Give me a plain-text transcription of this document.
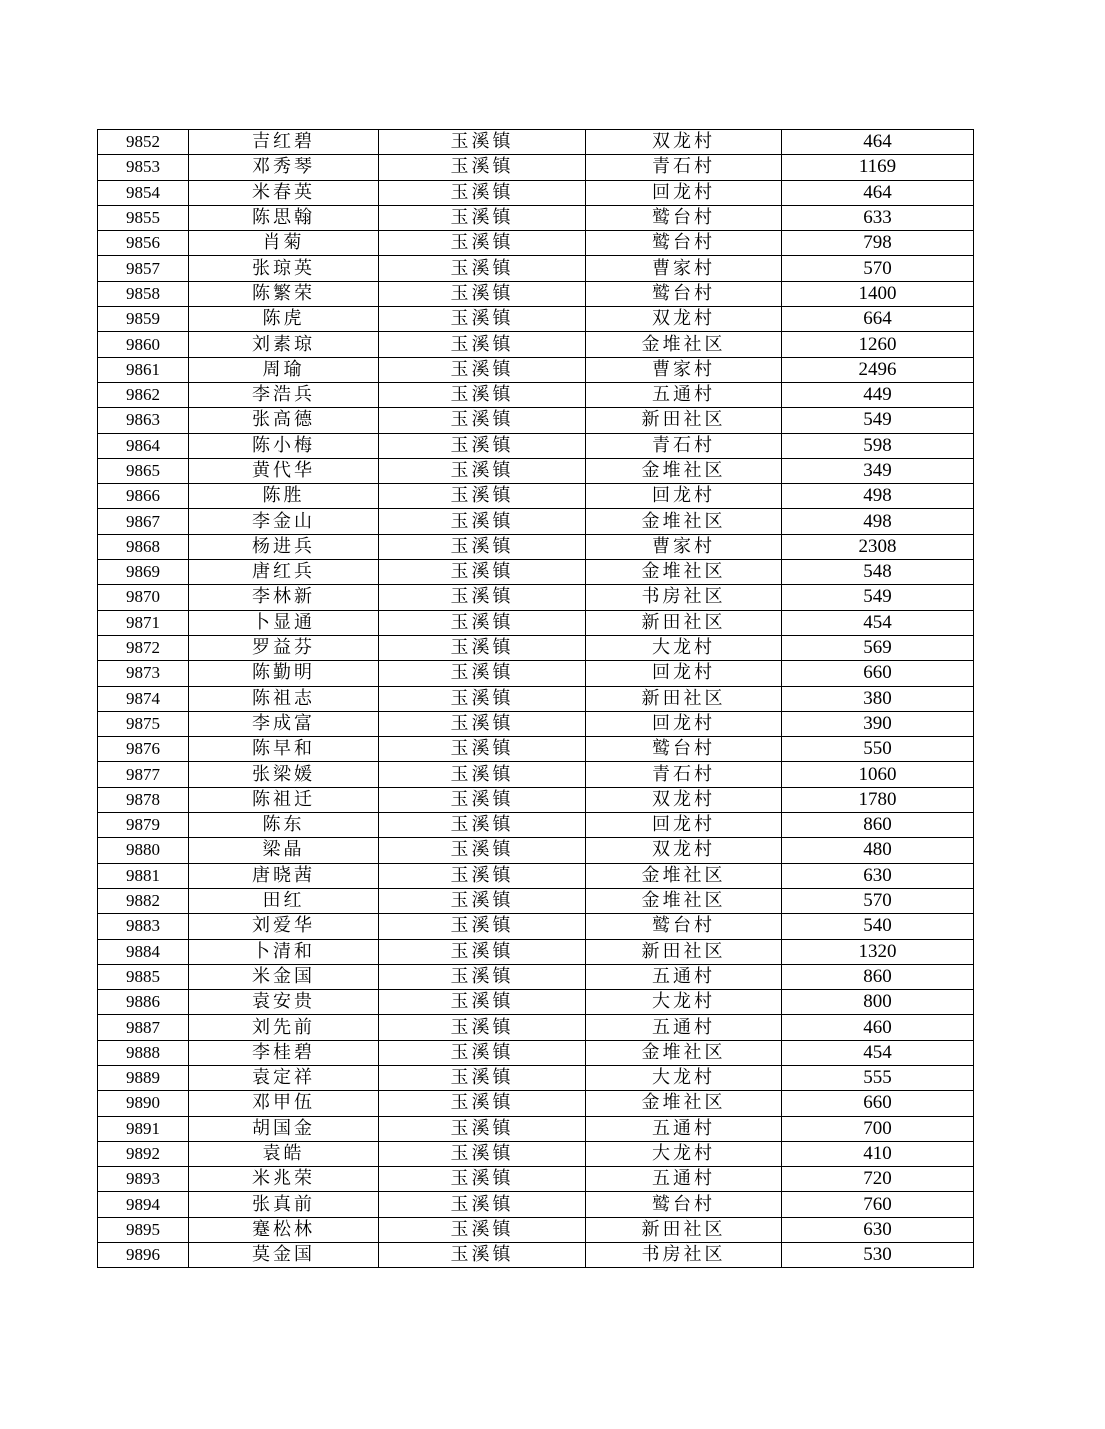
9852	吉红碧	玉溪镇	双龙村	464
9853	邓秀琴	玉溪镇	青石村	1169
9854	米春英	玉溪镇	回龙村	464
9855	陈思翰	玉溪镇	鹫台村	633
9856	肖菊	玉溪镇	鹫台村	798
9857	张琼英	玉溪镇	曹家村	570
9858	陈繁荣	玉溪镇	鹫台村	1400
9859	陈虎	玉溪镇	双龙村	664
9860	刘素琼	玉溪镇	金堆社区	1260
9861	周瑜	玉溪镇	曹家村	2496
9862	李浩兵	玉溪镇	五通村	449
9863	张高德	玉溪镇	新田社区	549
9864	陈小梅	玉溪镇	青石村	598
9865	黄代华	玉溪镇	金堆社区	349
9866	陈胜	玉溪镇	回龙村	498
9867	李金山	玉溪镇	金堆社区	498
9868	杨进兵	玉溪镇	曹家村	2308
9869	唐红兵	玉溪镇	金堆社区	548
9870	李林新	玉溪镇	书房社区	549
9871	卜显通	玉溪镇	新田社区	454
9872	罗益芬	玉溪镇	大龙村	569
9873	陈勤明	玉溪镇	回龙村	660
9874	陈祖志	玉溪镇	新田社区	380
9875	李成富	玉溪镇	回龙村	390
9876	陈早和	玉溪镇	鹫台村	550
9877	张梁媛	玉溪镇	青石村	1060
9878	陈祖迁	玉溪镇	双龙村	1780
9879	陈东	玉溪镇	回龙村	860
9880	梁晶	玉溪镇	双龙村	480
9881	唐晓茜	玉溪镇	金堆社区	630
9882	田红	玉溪镇	金堆社区	570
9883	刘爱华	玉溪镇	鹫台村	540
9884	卜清和	玉溪镇	新田社区	1320
9885	米金国	玉溪镇	五通村	860
9886	袁安贵	玉溪镇	大龙村	800
9887	刘先前	玉溪镇	五通村	460
9888	李桂碧	玉溪镇	金堆社区	454
9889	袁定祥	玉溪镇	大龙村	555
9890	邓甲伍	玉溪镇	金堆社区	660
9891	胡国金	玉溪镇	五通村	700
9892	袁皓	玉溪镇	大龙村	410
9893	米兆荣	玉溪镇	五通村	720
9894	张真前	玉溪镇	鹫台村	760
9895	蹇松林	玉溪镇	新田社区	630
9896	莫金国	玉溪镇	书房社区	530
